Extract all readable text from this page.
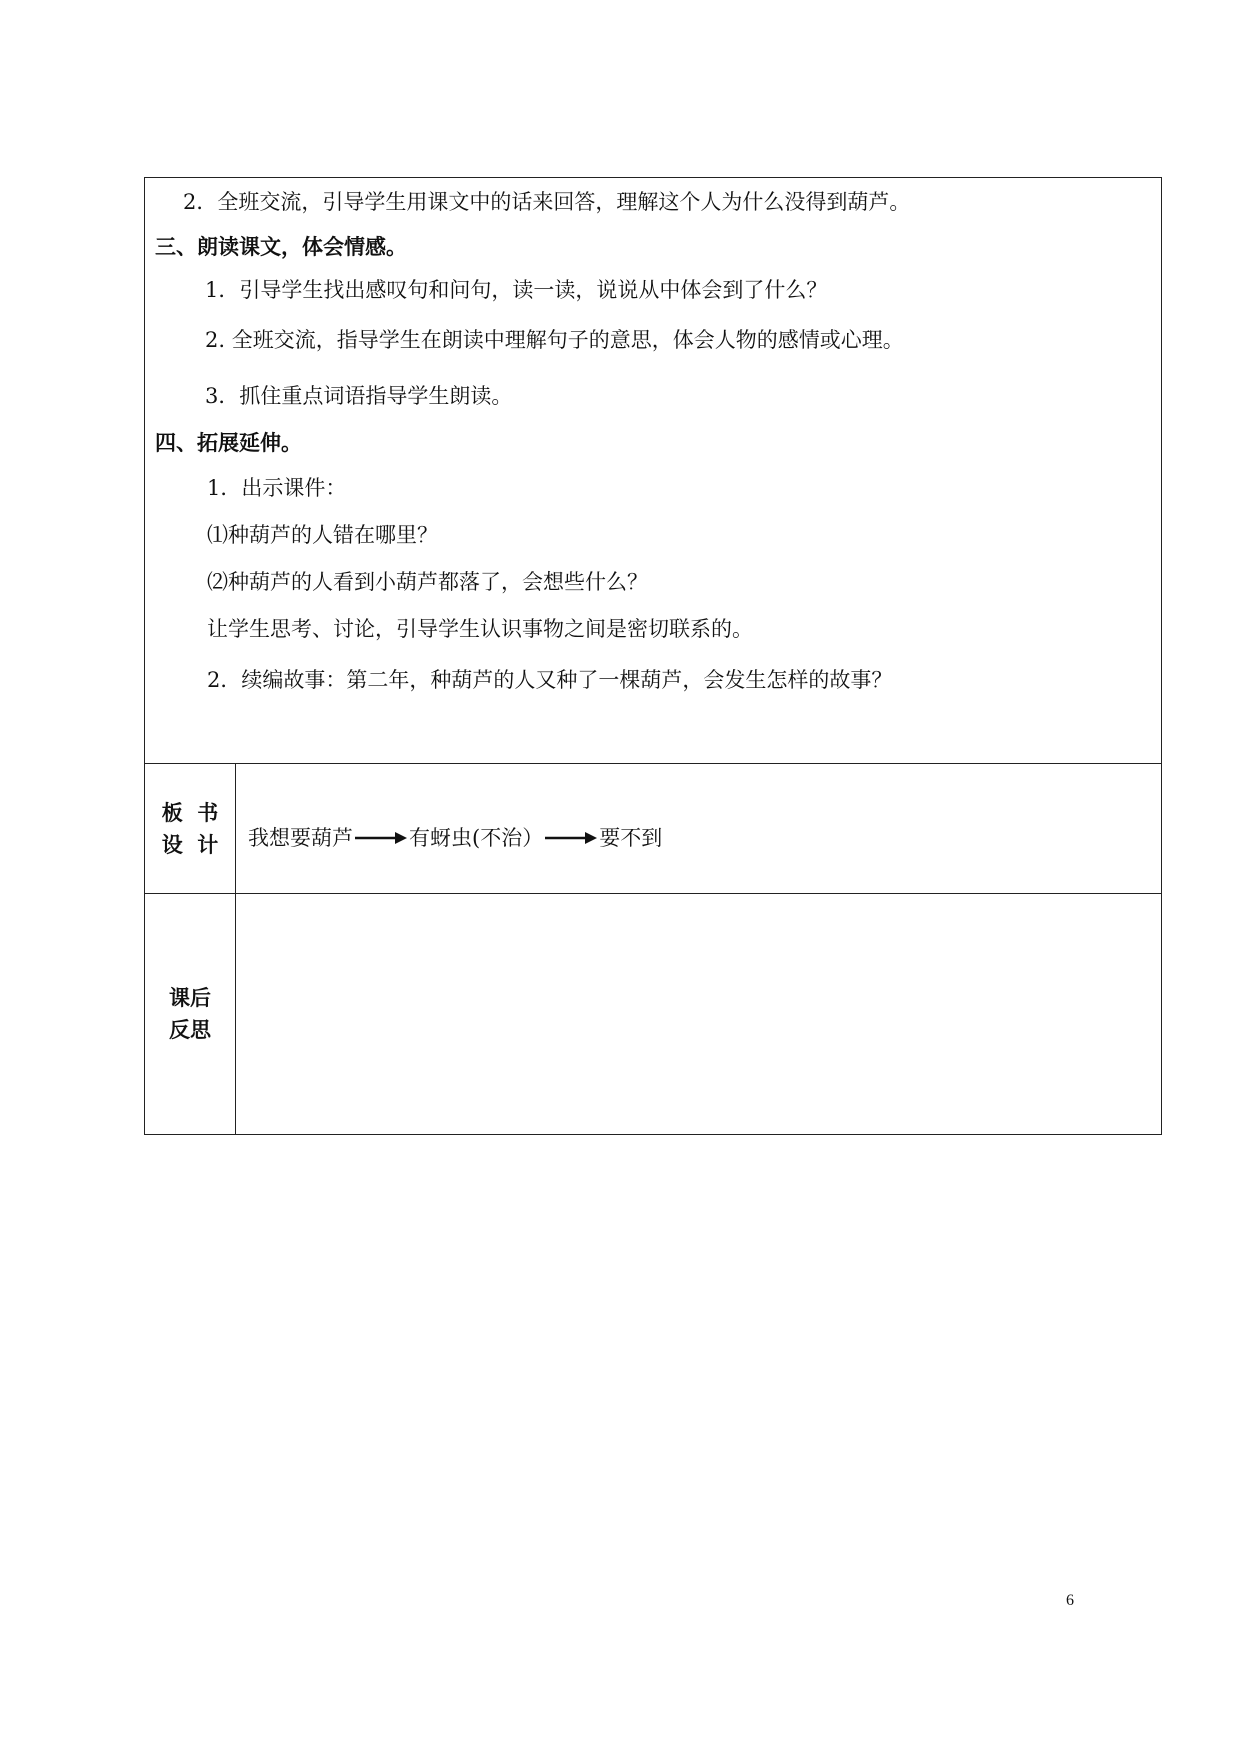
2．全班交流，引导学生用课文中的话来回答，理解这个人为什么没得到葫芦。
三、朗读课文，体会情感。
1．引导学生找出感叹句和问句，读一读，说说从中体会到了什么？
2. 全班交流，指导学生在朗读中理解句子的意思，体会人物的感情或心理。
3．抓住重点词语指导学生朗读。
四、拓展延伸。
1．出示课件：
⑴种葫芦的人错在哪里？
⑵种葫芦的人看到小葫芦都落了，会想些什么？
让学生思考、讨论，引导学生认识事物之间是密切联系的。
2．续编故事：第二年，种葫芦的人又种了一棵葫芦，会发生怎样的故事？
板  书
设  计 我想要葫芦	有蚜虫(不治）	要不到
课后
反思
6
